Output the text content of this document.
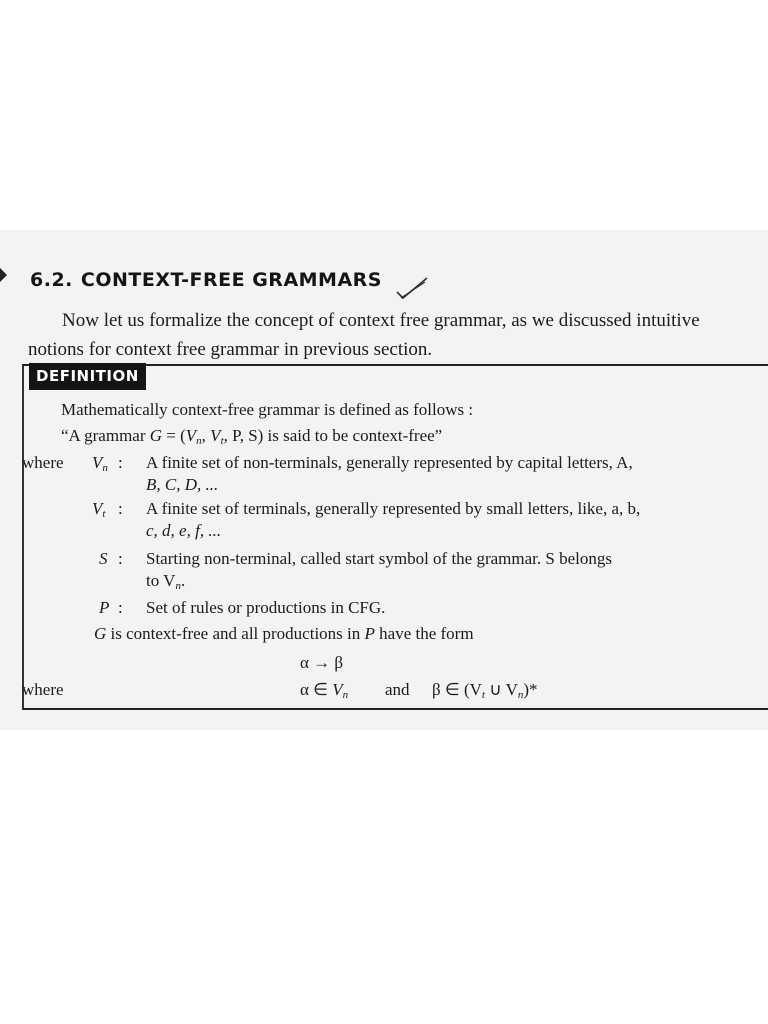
6.2. CONTEXT-FREE GRAMMARS
Now let us formalize the concept of context free grammar, as we discussed intuitive
notions for context free grammar in previous section.
DEFINITION
Mathematically context-free grammar is defined as follows :
“A grammar $G = (V_n$, $V_t$, P, S) is said to be context-free”
where $V_n$ : A finite set of non-terminals, generally represented by capital letters, A,
B, C, D, ...
$V_t$ : A finite set of terminals, generally represented by small letters, like, a, b,
c, d, e, f, ...
S : Starting non-terminal, called start symbol of the grammar. S belongs
to $V_n$.
P : Set of rules or productions in CFG.
G is context-free and all productions in P have the form
α → β
where	α ∈ $V_n$ and β ∈ ($V_t$ ∪ $V_n)*$
